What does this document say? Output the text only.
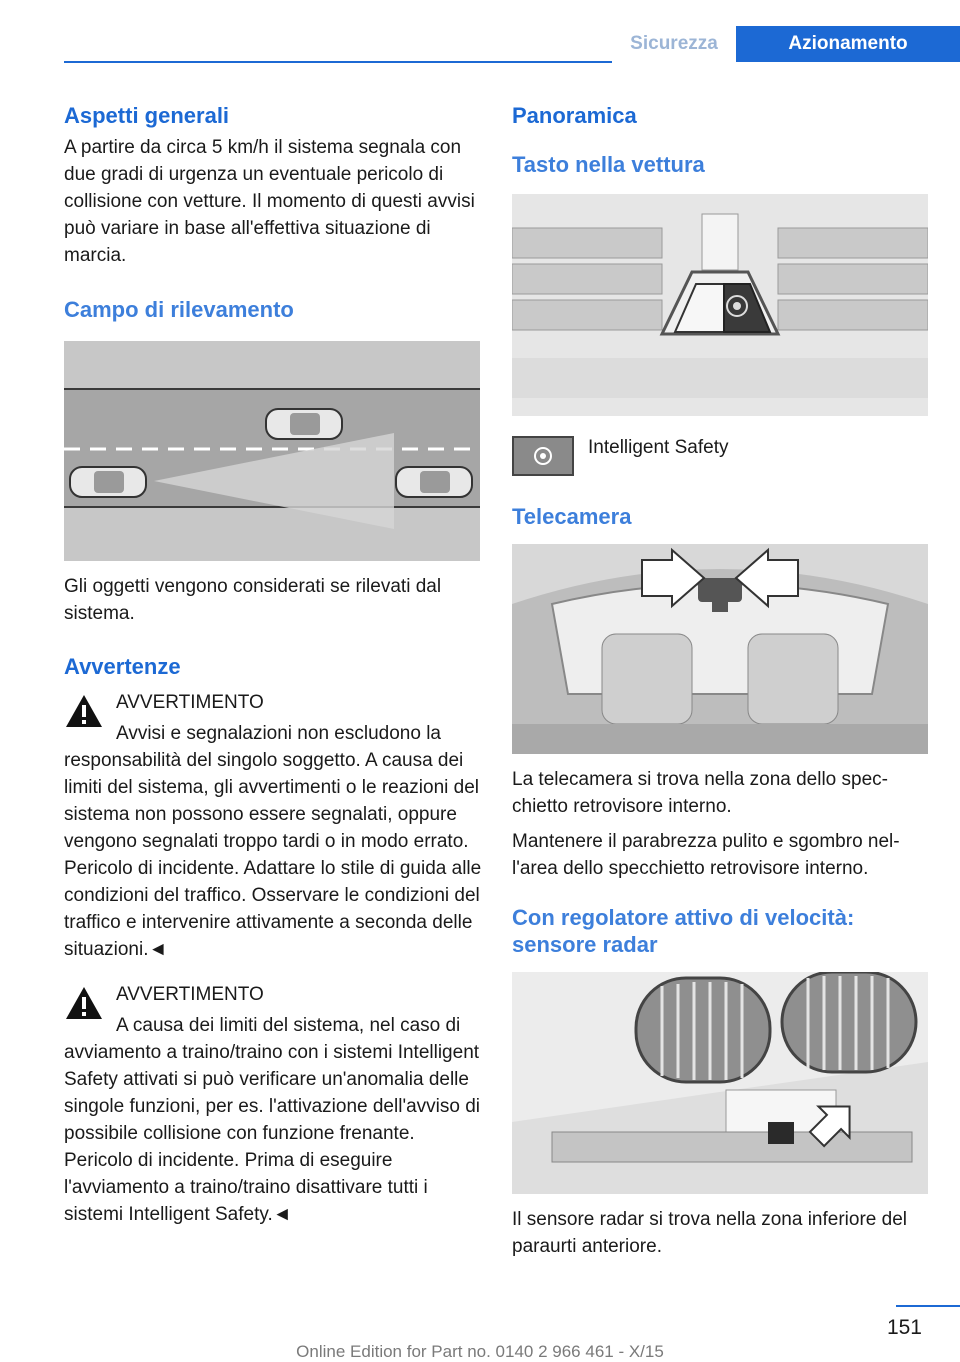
Sicurezza	Azionamento
Aspetti generali

A partire da circa 5 km/h il sistema segnala con due gradi di urgenza un eventuale pericolo di collisione con vetture. Il momento di questi avvisi può variare in base all'effettiva situazione di marcia.

Campo di rilevamento

Gli oggetti vengono considerati se rilevati dal sistema.

Avvertenze
AVVERTIMENTO

Avvisi e segnalazioni non escludono la responsabilità del singolo soggetto. A causa dei limiti del sistema, gli avvertimenti o le reazioni del sistema non possono essere segnalati, oppure vengono segnalati troppo tardi o in modo errato. Pericolo di incidente. Adattare lo stile di guida alle condizioni del traffico. Osservare le condizioni del traffico e intervenire attivamente a seconda delle situazioni.◄

AVVERTIMENTO

A causa dei limiti del sistema, nel caso di avviamento a traino/traino con i sistemi Intelligent Safety attivati si può verificare un'anomalia delle singole funzioni, per es. l'attivazione dell'avviso di possibile collisione con funzione frenante. Pericolo di incidente. Prima di eseguire l'avviamento a traino/traino disattivare tutti i sistemi Intelligent Safety.◄

Panoramica
Tasto nella vettura
Intelligent Safety
Telecamera

La telecamera si trova nella zona dello specchietto retrovisore interno.

Mantenere il parabrezza pulito e sgombro nell'area dello specchietto retrovisore interno.

Con regolatore attivo di velocità: sensore radar

Il sensore radar si trova nella zona inferiore del paraurti anteriore.

151
Online Edition for Part no. 0140 2 966 461 - X/15
